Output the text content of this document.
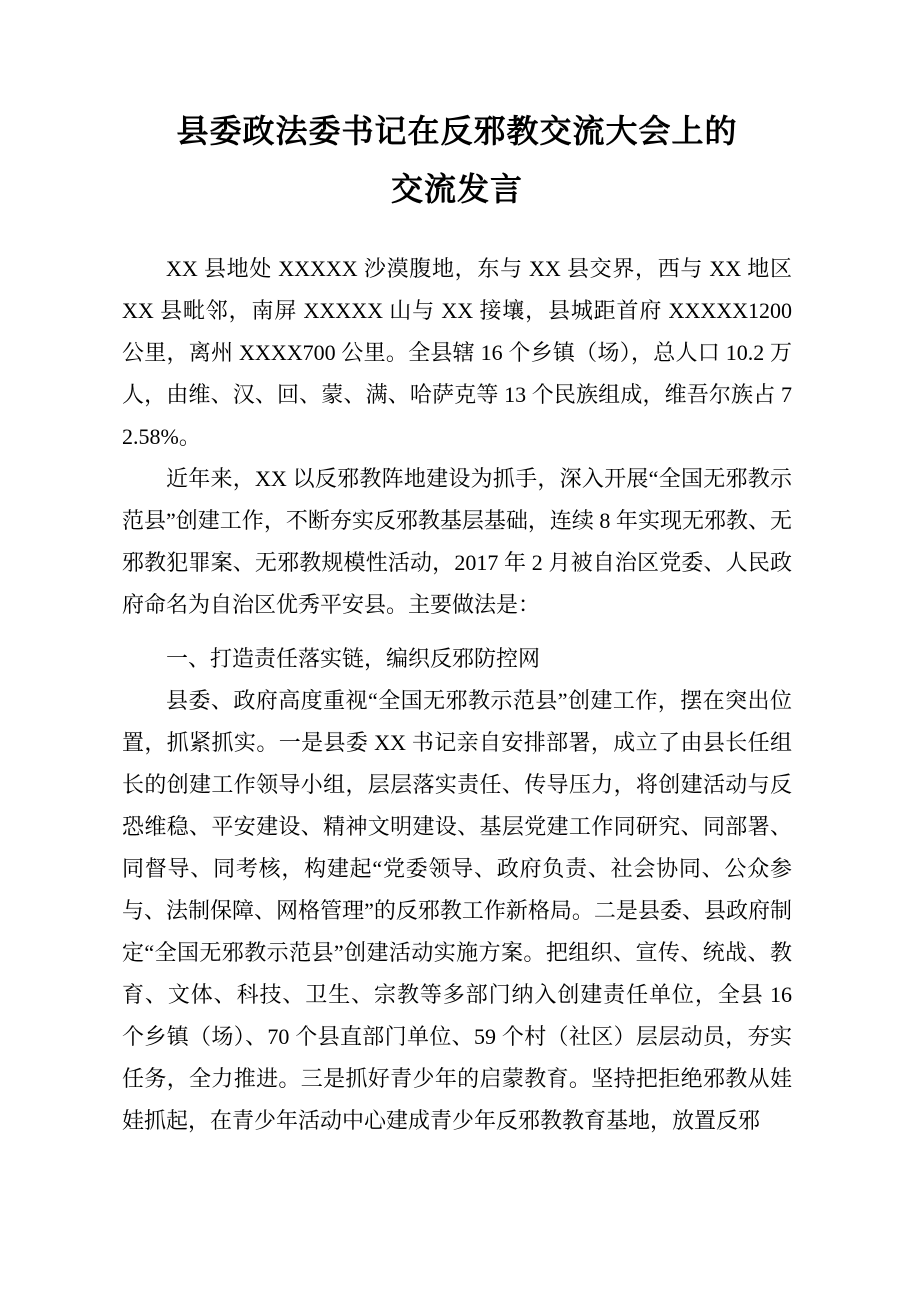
县委政法委书记在反邪教交流大会上的
交流发言

XX 县地处 XXXXX 沙漠腹地，东与 XX 县交界，西与 XX 地区 XX 县毗邻，南屏 XXXXX 山与 XX 接壤，县城距首府 XXXXX1200 公里，离州 XXXX700 公里。全县辖 16 个乡镇（场），总人口 10.2 万人，由维、汉、回、蒙、满、哈萨克等 13 个民族组成，维吾尔族占 72.58%。

近年来，XX 以反邪教阵地建设为抓手，深入开展“全国无邪教示范县”创建工作，不断夯实反邪教基层基础，连续 8 年实现无邪教、无邪教犯罪案、无邪教规模性活动，2017 年 2 月被自治区党委、人民政府命名为自治区优秀平安县。主要做法是：

一、打造责任落实链，编织反邪防控网

县委、政府高度重视“全国无邪教示范县”创建工作，摆在突出位置，抓紧抓实。一是县委 XX 书记亲自安排部署，成立了由县长任组长的创建工作领导小组，层层落实责任、传导压力，将创建活动与反恐维稳、平安建设、精神文明建设、基层党建工作同研究、同部署、同督导、同考核，构建起“党委领导、政府负责、社会协同、公众参与、法制保障、网格管理”的反邪教工作新格局。二是县委、县政府制定“全国无邪教示范县”创建活动实施方案。把组织、宣传、统战、教育、文体、科技、卫生、宗教等多部门纳入创建责任单位，全县 16 个乡镇（场）、70 个县直部门单位、59 个村（社区）层层动员，夯实任务，全力推进。三是抓好青少年的启蒙教育。坚持把拒绝邪教从娃娃抓起，在青少年活动中心建成青少年反邪教教育基地，放置反邪
